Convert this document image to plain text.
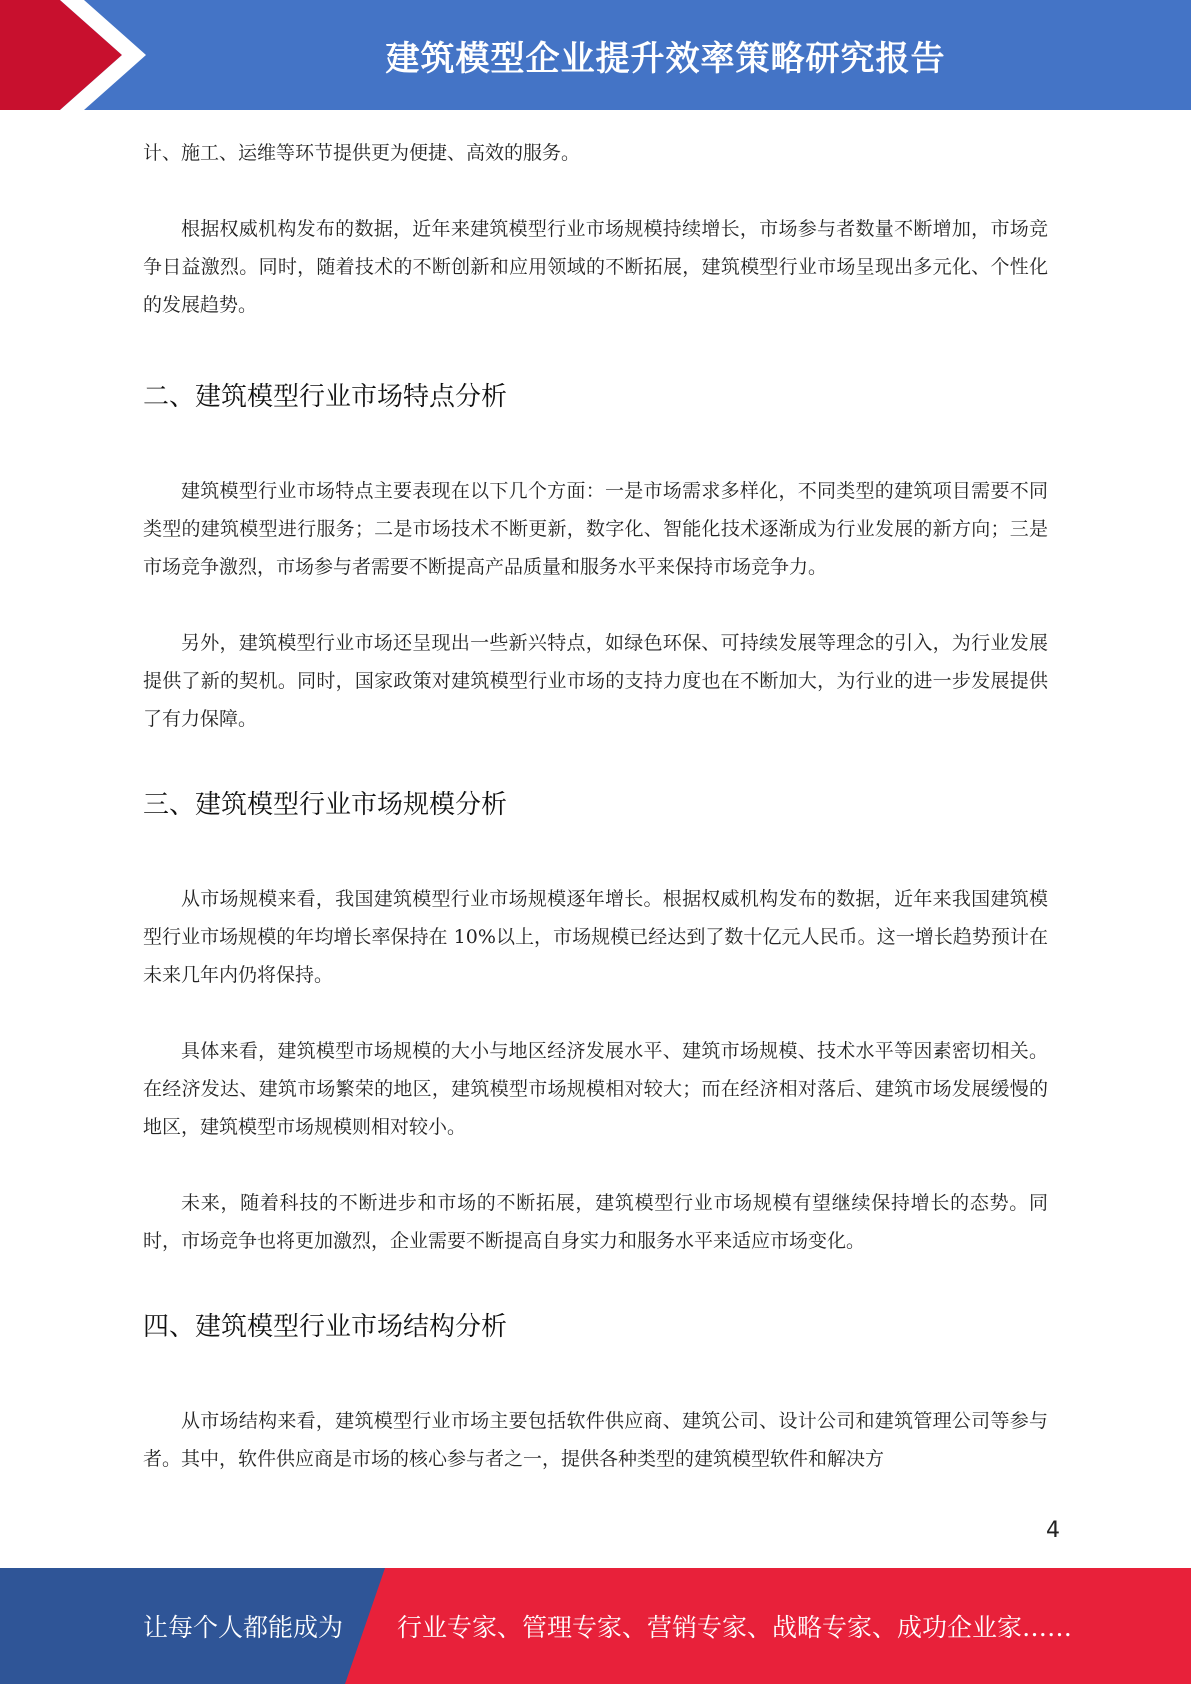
建筑模型企业提升效率策略研究报告

计、施工、运维等环节提供更为便捷、高效的服务。

根据权威机构发布的数据，近年来建筑模型行业市场规模持续增长，市场参与者数量不断增加，市场竞争日益激烈。同时，随着技术的不断创新和应用领域的不断拓展，建筑模型行业市场呈现出多元化、个性化的发展趋势。

二、建筑模型行业市场特点分析

建筑模型行业市场特点主要表现在以下几个方面：一是市场需求多样化，不同类型的建筑项目需要不同类型的建筑模型进行服务；二是市场技术不断更新，数字化、智能化技术逐渐成为行业发展的新方向；三是市场竞争激烈，市场参与者需要不断提高产品质量和服务水平来保持市场竞争力。

另外，建筑模型行业市场还呈现出一些新兴特点，如绿色环保、可持续发展等理念的引入，为行业发展提供了新的契机。同时，国家政策对建筑模型行业市场的支持力度也在不断加大，为行业的进一步发展提供了有力保障。

三、建筑模型行业市场规模分析

从市场规模来看，我国建筑模型行业市场规模逐年增长。根据权威机构发布的数据，近年来我国建筑模型行业市场规模的年均增长率保持在 10%以上，市场规模已经达到了数十亿元人民币。这一增长趋势预计在未来几年内仍将保持。

具体来看，建筑模型市场规模的大小与地区经济发展水平、建筑市场规模、技术水平等因素密切相关。在经济发达、建筑市场繁荣的地区，建筑模型市场规模相对较大；而在经济相对落后、建筑市场发展缓慢的地区，建筑模型市场规模则相对较小。

未来，随着科技的不断进步和市场的不断拓展，建筑模型行业市场规模有望继续保持增长的态势。同时，市场竞争也将更加激烈，企业需要不断提高自身实力和服务水平来适应市场变化。

四、建筑模型行业市场结构分析

从市场结构来看，建筑模型行业市场主要包括软件供应商、建筑公司、设计公司和建筑管理公司等参与者。其中，软件供应商是市场的核心参与者之一，提供各种类型的建筑模型软件和解决方

4
让每个人都能成为 行业专家、管理专家、营销专家、战略专家、成功企业家……
